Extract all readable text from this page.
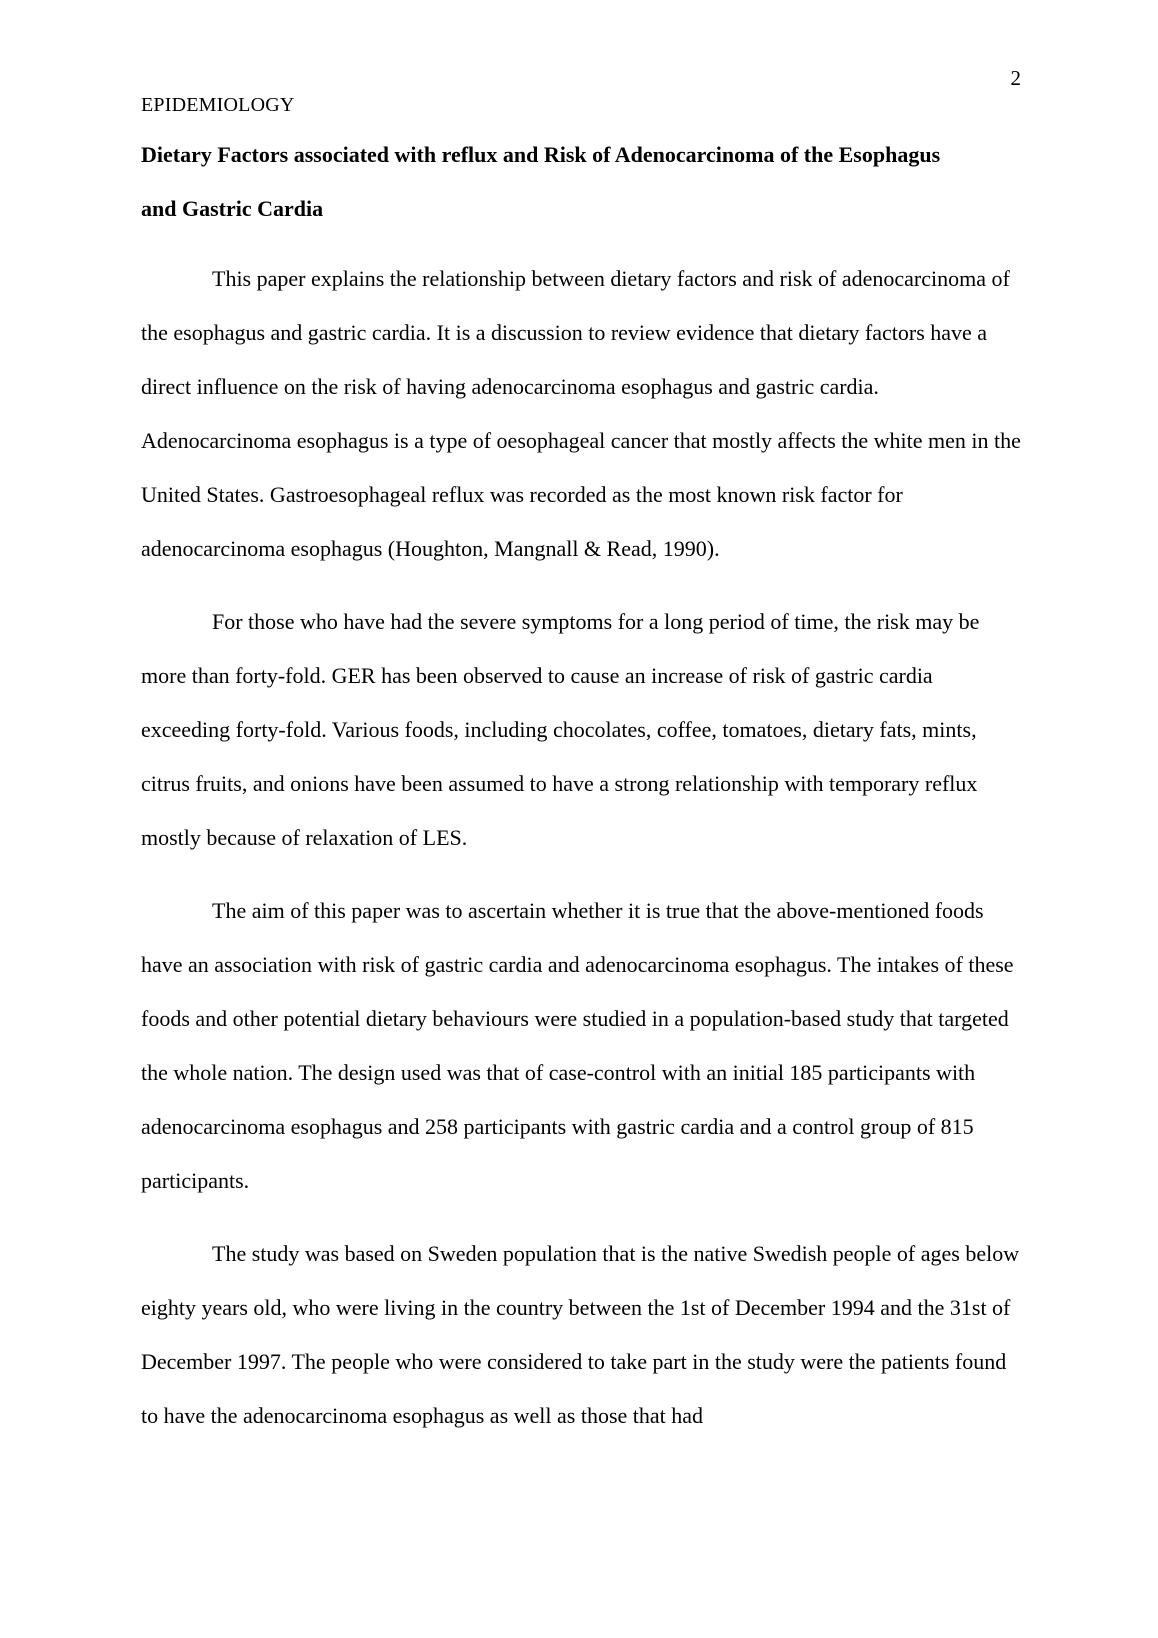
2
EPIDEMIOLOGY
Dietary Factors associated with reflux and Risk of Adenocarcinoma of the Esophagus
and Gastric Cardia

This paper explains the relationship between dietary factors and risk of adenocarcinoma of the esophagus and gastric cardia. It is a discussion to review evidence that dietary factors have a direct influence on the risk of having adenocarcinoma esophagus and gastric cardia. Adenocarcinoma esophagus is a type of oesophageal cancer that mostly affects the white men in the United States. Gastroesophageal reflux was recorded as the most known risk factor for adenocarcinoma esophagus (Houghton, Mangnall & Read, 1990).

For those who have had the severe symptoms for a long period of time, the risk may be more than forty-fold. GER has been observed to cause an increase of risk of gastric cardia exceeding forty-fold. Various foods, including chocolates, coffee, tomatoes, dietary fats, mints, citrus fruits, and onions have been assumed to have a strong relationship with temporary reflux mostly because of relaxation of LES.

The aim of this paper was to ascertain whether it is true that the above-mentioned foods have an association with risk of gastric cardia and adenocarcinoma esophagus. The intakes of these foods and other potential dietary behaviours were studied in a population-based study that targeted the whole nation. The design used was that of case-control with an initial 185 participants with adenocarcinoma esophagus and 258 participants with gastric cardia and a control group of 815 participants.

The study was based on Sweden population that is the native Swedish people of ages below eighty years old, who were living in the country between the 1st of December 1994 and the 31st of December 1997. The people who were considered to take part in the study were the patients found to have the adenocarcinoma esophagus as well as those that had
